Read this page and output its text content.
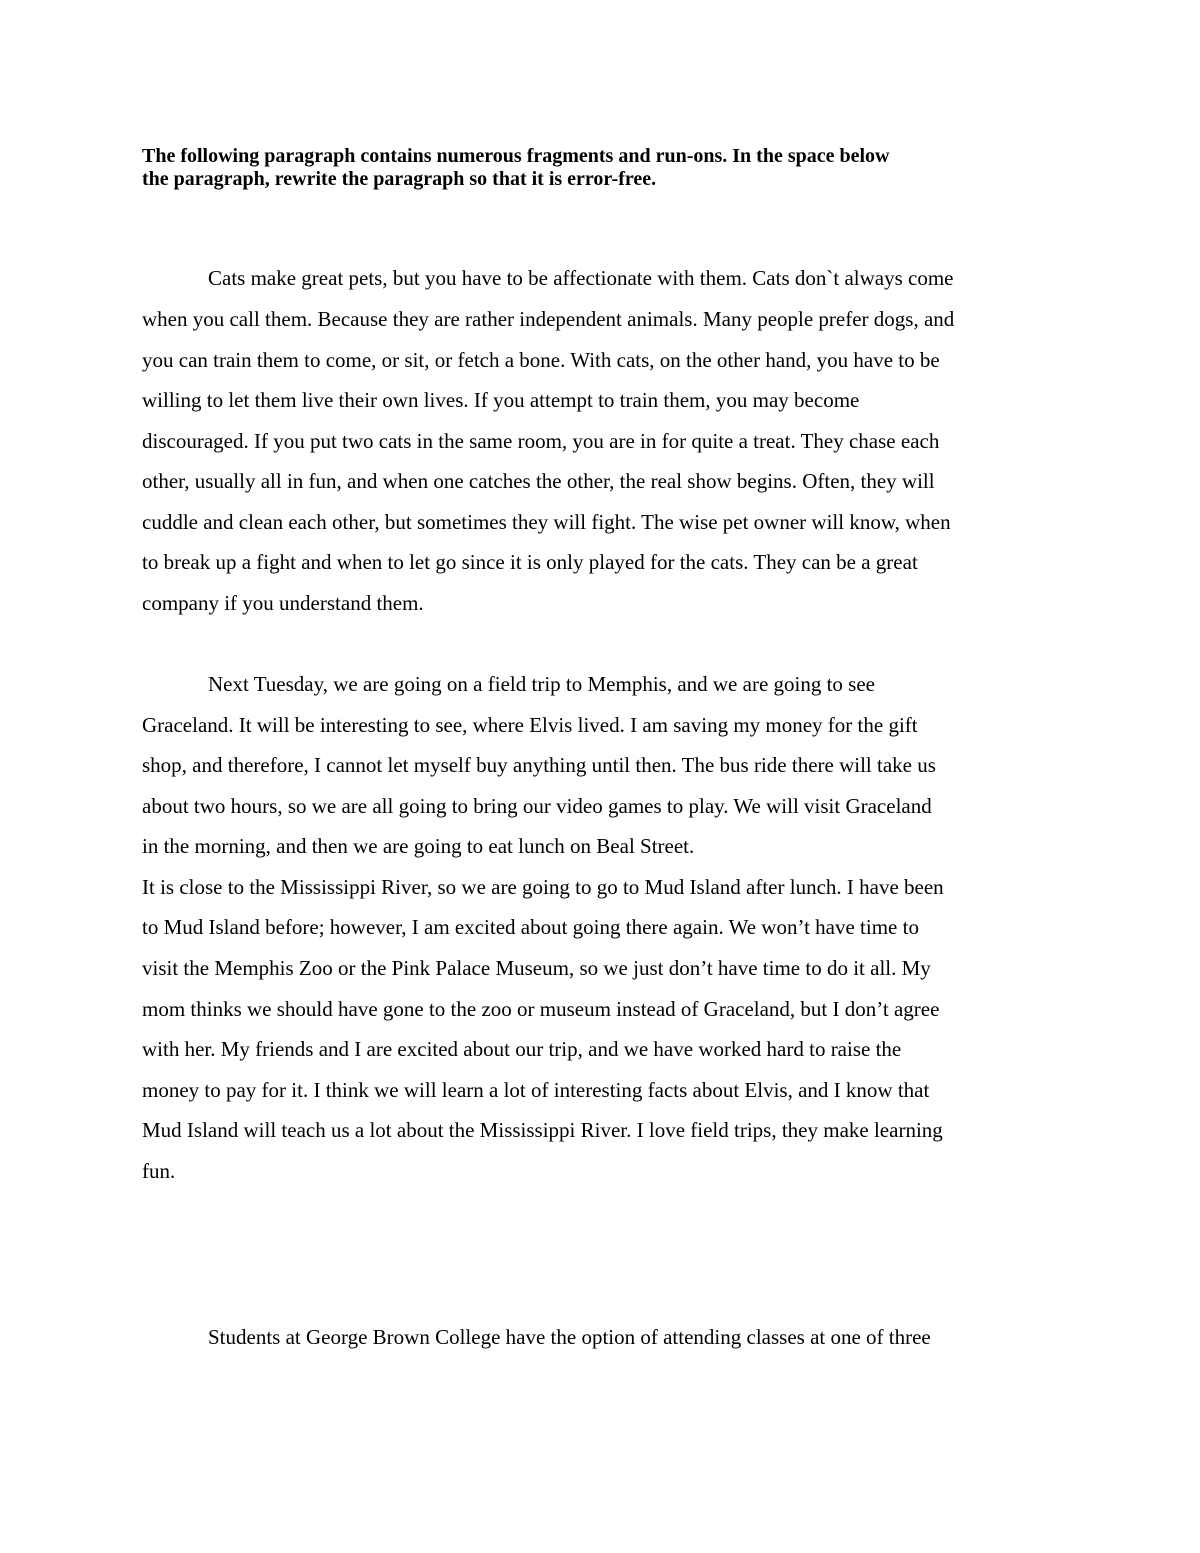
The following paragraph contains numerous fragments and run-ons. In the space below
the paragraph, rewrite the paragraph so that it is error-free.

Cats make great pets, but you have to be affectionate with them. Cats don`t always come

when you call them. Because they are rather independent animals. Many people prefer dogs, and

you can train them to come, or sit, or fetch a bone. With cats, on the other hand, you have to be

willing to let them live their own lives. If you attempt to train them, you may become

discouraged. If you put two cats in the same room, you are in for quite a treat. They chase each

other, usually all in fun, and when one catches the other, the real show begins. Often, they will

cuddle and clean each other, but sometimes they will fight. The wise pet owner will know, when

to break up a fight and when to let go since it is only played for the cats. They can be a great

company if you understand them.

Next Tuesday, we are going on a field trip to Memphis, and we are going to see

Graceland. It will be interesting to see, where Elvis lived. I am saving my money for the gift

shop, and therefore, I cannot let myself buy anything until then. The bus ride there will take us

about two hours, so we are all going to bring our video games to play. We will visit Graceland

in the morning, and then we are going to eat lunch on Beal Street.

It is close to the Mississippi River, so we are going to go to Mud Island after lunch. I have been

to Mud Island before; however, I am excited about going there again. We won’t have time to

visit the Memphis Zoo or the Pink Palace Museum, so we just don’t have time to do it all. My

mom thinks we should have gone to the zoo or museum instead of Graceland, but I don’t agree

with her. My friends and I are excited about our trip, and we have worked hard to raise the

money to pay for it. I think we will learn a lot of interesting facts about Elvis, and I know that

Mud Island will teach us a lot about the Mississippi River. I love field trips, they make learning

fun.

Students at George Brown College have the option of attending classes at one of three
